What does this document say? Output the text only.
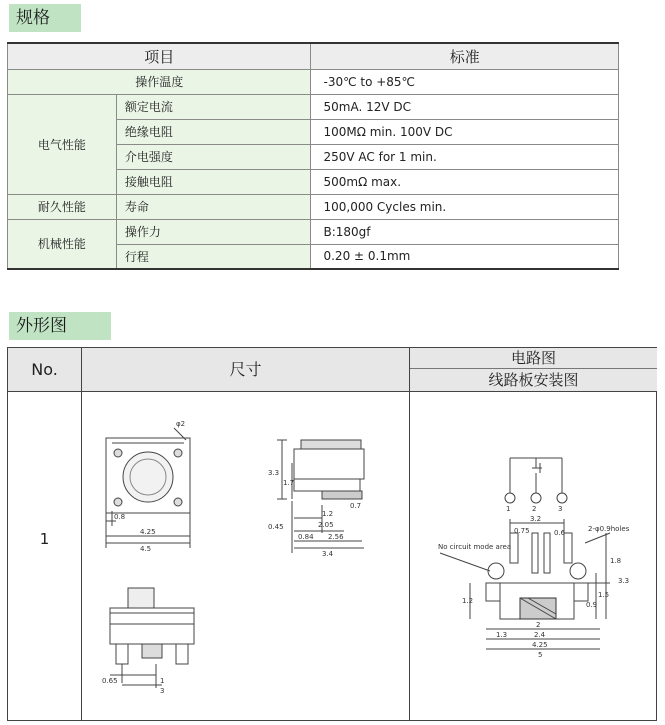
规格
项目		标准
操作温度		-30℃ to +85℃
电气性能	额定电流	50mA. 12V DC
	绝缘电阻	100MΩ min. 100V DC
	介电强度	250V AC for 1 min.
	接触电阻	500mΩ max.
耐久性能	寿命	100,000 Cycles min.
机械性能	操作力	B:180gf
	行程	0.20 ± 0.1mm
外形图
No.	尺寸
电路图
线路板安装图
1
φ2
0.8
4.25
4.5
3.3
1.7
0.45
1.2
0.7
2.05
0.84 2.56
3.4
0.65
3
1
1	2	3
3.2
0.75	0.6	2-φ0.9holes
No circuit mode area
1.8
3.3
1.5
0.9
1.2
2
1.3	2.4
4.25
5
